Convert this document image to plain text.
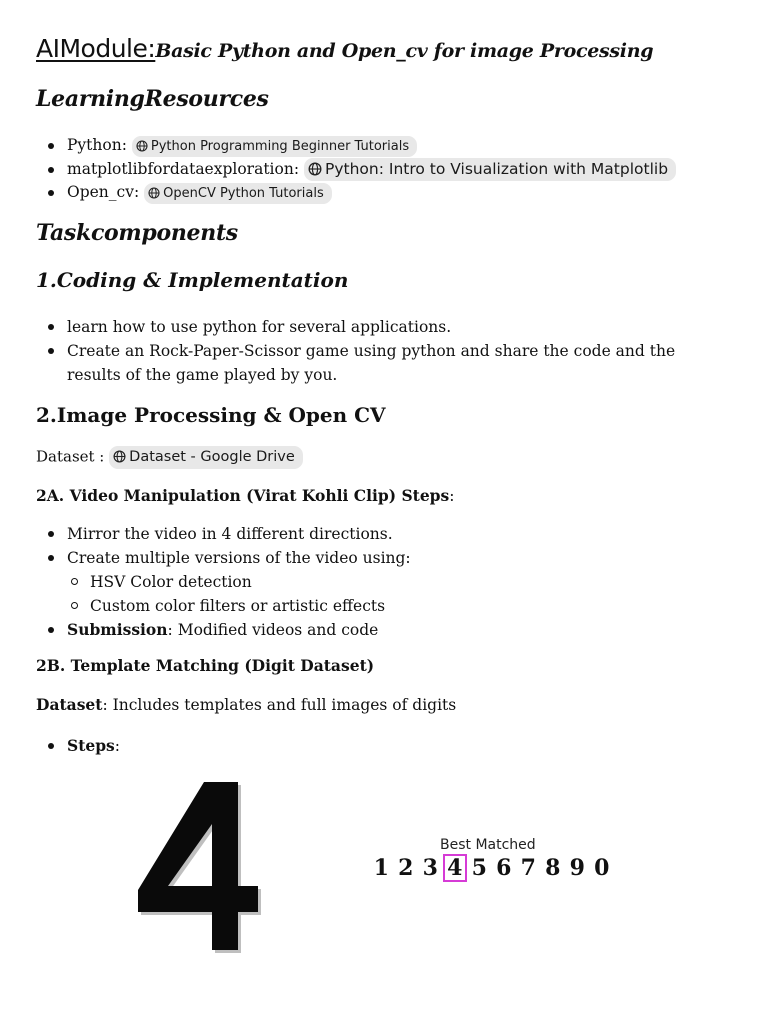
AIModule:Basic Python and Open_cv for image Processing
LearningResources
Python: Python Programming Beginner Tutorials
matplotlibfordataexploration: Python: Intro to Visualization with Matplotlib
Open_cv: OpenCV Python Tutorials
Taskcomponents
1.Coding & Implementation
learn how to use python for several applications.
Create an Rock-Paper-Scissor game using python and share the code and the
results of the game played by you.
2.Image Processing & Open CV

Dataset : Dataset - Google Drive

2A. Video Manipulation (Virat Kohli Clip) Steps:

Mirror the video in 4 different directions.
Create multiple versions of the video using:
HSV Color detection
Custom color filters or artistic effects
Submission: Modified videos and code

2B. Template Matching (Digit Dataset)

Dataset: Includes templates and full images of digits

Steps:
4
Best Matched
1 2 3 4 5 6 7 8 9 0
